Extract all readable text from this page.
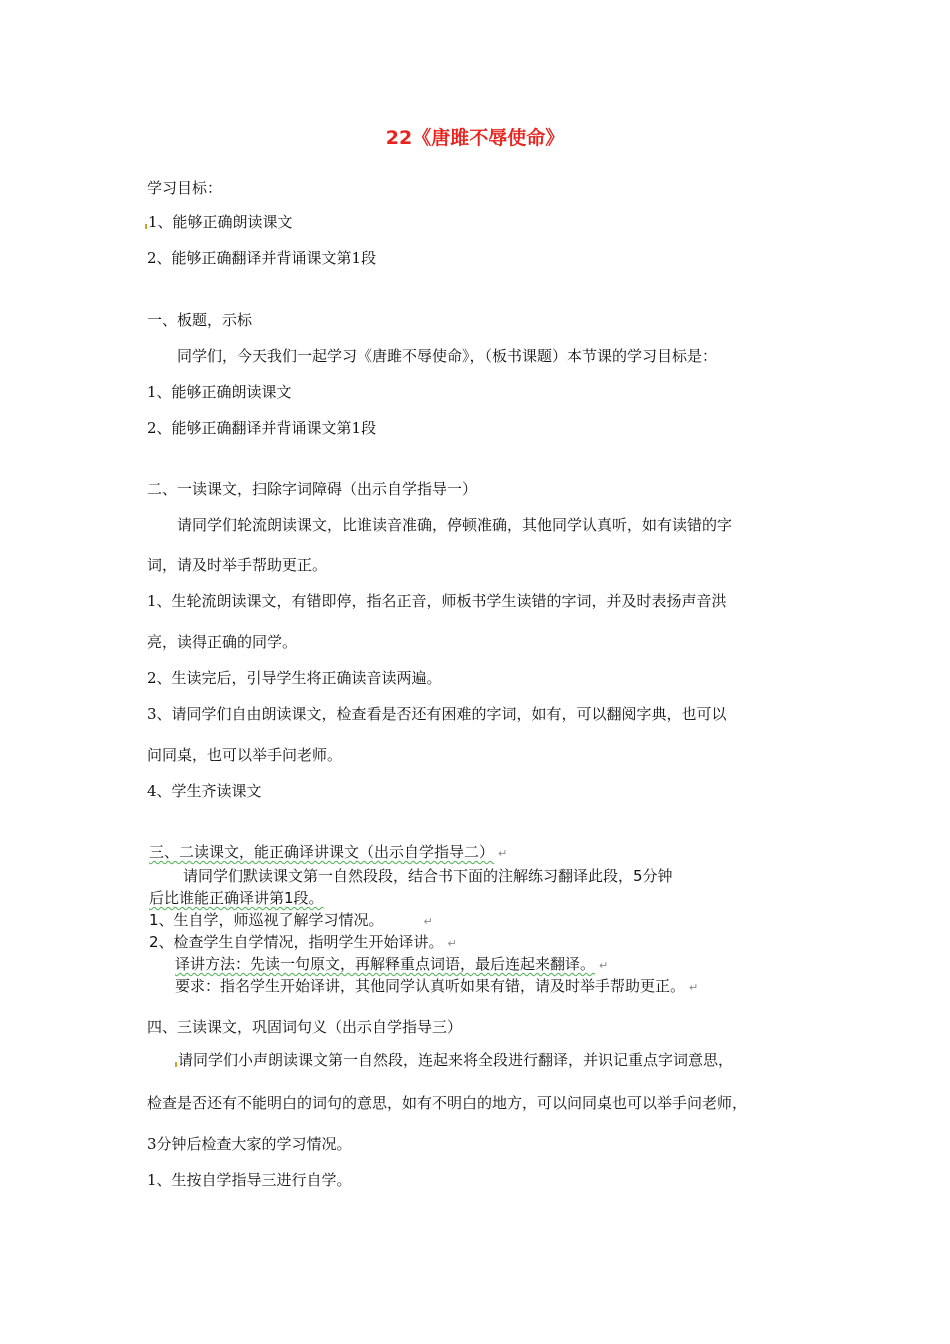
22《唐雎不辱使命》
学习目标：
1、能够正确朗读课文
2、能够正确翻译并背诵课文第1段
一、板题，示标
同学们，今天我们一起学习《唐雎不辱使命》，（板书课题）本节课的学习目标是：
1、能够正确朗读课文
2、能够正确翻译并背诵课文第1段
二、一读课文，扫除字词障碍（出示自学指导一）
请同学们轮流朗读课文，比谁读音准确，停顿准确，其他同学认真听，如有读错的字
词，请及时举手帮助更正。
1、生轮流朗读课文，有错即停，指名正音，师板书学生读错的字词，并及时表扬声音洪
亮，读得正确的同学。
2、生读完后，引导学生将正确读音读两遍。
3、请同学们自由朗读课文，检查看是否还有困难的字词，如有，可以翻阅字典，也可以
问同桌，也可以举手问老师。
4、学生齐读课文
三、二读课文，能正确译讲课文（出示自学指导二） ↵
请同学们默读课文第一自然段段，结合书下面的注解练习翻译此段，5分钟
后比谁能正确译讲第1段。
1、生自学，师巡视了解学习情况。	↵
2、检查学生自学情况，指明学生开始译讲。 ↵
译讲方法：先读一句原文，再解释重点词语，最后连起来翻译。 ↵
要求：指名学生开始译讲，其他同学认真听如果有错，请及时举手帮助更正。 ↵
四、三读课文，巩固词句义（出示自学指导三）
请同学们小声朗读课文第一自然段，连起来将全段进行翻译，并识记重点字词意思，
检查是否还有不能明白的词句的意思，如有不明白的地方，可以问同桌也可以举手问老师，
3分钟后检查大家的学习情况。
1、生按自学指导三进行自学。
